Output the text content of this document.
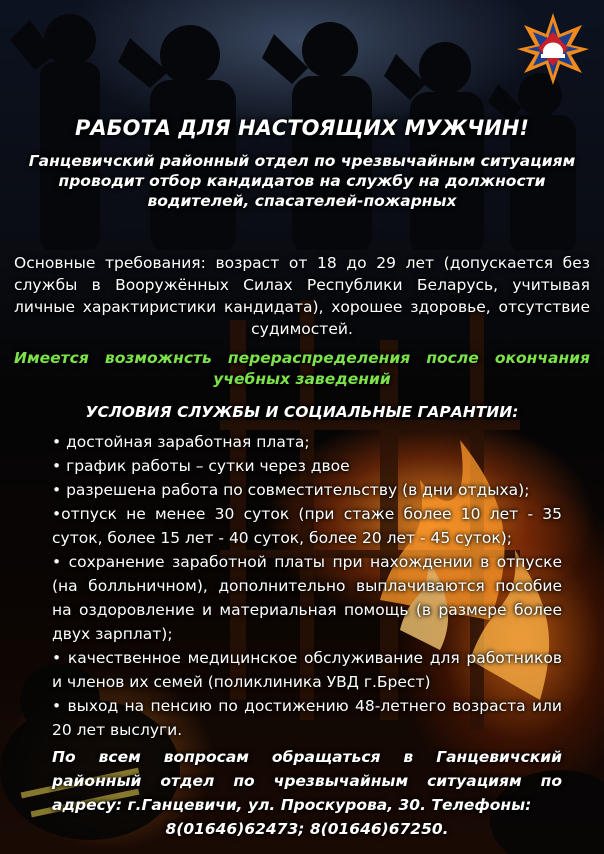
РАБОТА ДЛЯ НАСТОЯЩИХ МУЖЧИН!
Ганцевичский районный отдел по чрезвычайным ситуациям проводит отбор кандидатов на службу на должности водителей, спасателей-пожарных
Основные требования: возраст от 18 до 29 лет (допускается без службы в Вооружённых Силах Республики Беларусь, учитывая личные характиристики кандидата), хорошее здоровье, отсутствие судимостей.
Имеется возможнсть перераспределения после окончания учебных заведений
УСЛОВИЯ СЛУЖБЫ И СОЦИАЛЬНЫЕ ГАРАНТИИ:

• достойная заработная плата;

• график работы – сутки через двое

• разрешена работа по совместительству (в дни отдыха);

•отпуск не менее 30 суток (при стаже более 10 лет - 35 суток, более 15 лет - 40 суток, более 20 лет - 45 суток);

• сохранение заработной платы при нахождении в отпуске (на болльничном), дополнительно выплачиваются пособие на оздоровление и материальная помощь (в размере более двух зарплат);

• качественное медицинское обслуживание для работников и членов их семей (поликлиника УВД г.Брест)

• выход на пенсию по достижению 48-летнего возраста или 20 лет выслуги.

По всем вопросам обращаться в Ганцевичский районный отдел по чрезвычайным ситуациям по адресу: г.Ганцевичи, ул. Проскурова, 30. Телефоны:
8(01646)62473; 8(01646)67250.
